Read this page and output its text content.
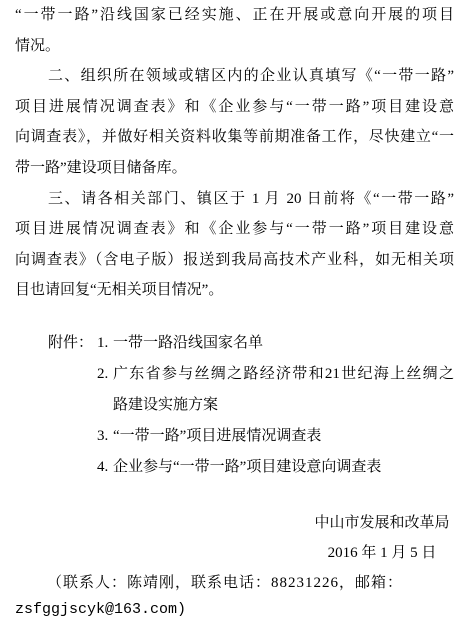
“一带一路”沿线国家已经实施、正在开展或意向开展的项目
情况。
二、组织所在领域或辖区内的企业认真填写《“一带一路”
项目进展情况调查表》和《企业参与“一带一路”项目建设意
向调查表》，并做好相关资料收集等前期准备工作，尽快建立“一
带一路”建设项目储备库。
三、请各相关部门、镇区于 1 月 20 日前将《“一带一路”
项目进展情况调查表》和《企业参与“一带一路”项目建设意
向调查表》（含电子版）报送到我局高技术产业科，如无相关项
目也请回复“无相关项目情况”。
附件： 1. 一带一路沿线国家名单
2. 广东省参与丝绸之路经济带和21世纪海上丝绸之
路建设实施方案
3. “一带一路”项目进展情况调查表
4. 企业参与“一带一路”项目建设意向调查表
中山市发展和改革局
2016 年 1 月 5 日
（联系人：陈靖刚，联系电话：88231226，邮箱：
zsfggjscyk@163.com)
